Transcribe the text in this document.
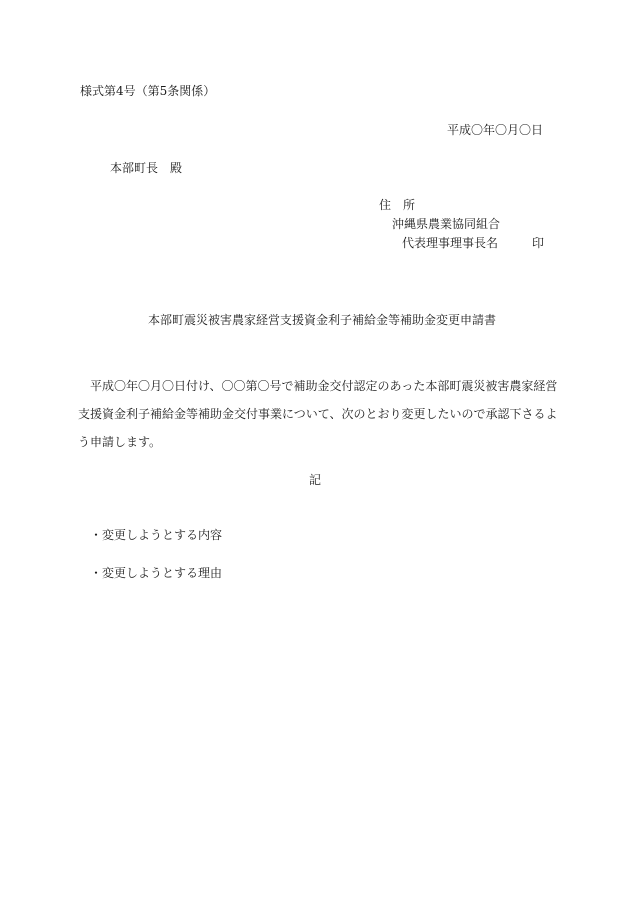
様式第4号（第5条関係）
平成〇年〇月〇日
本部町長　殿
住　所
沖縄県農業協同組合
代表理事理事長名	印
本部町震災被害農家経営支援資金利子補給金等補助金変更申請書
平成〇年〇月〇日付け、〇〇第〇号で補助金交付認定のあった本部町震災被害農家経営支援資金利子補給金等補助金交付事業について、次のとおり変更したいので承認下さるよう申請します。
記
・変更しようとする内容
・変更しようとする理由
